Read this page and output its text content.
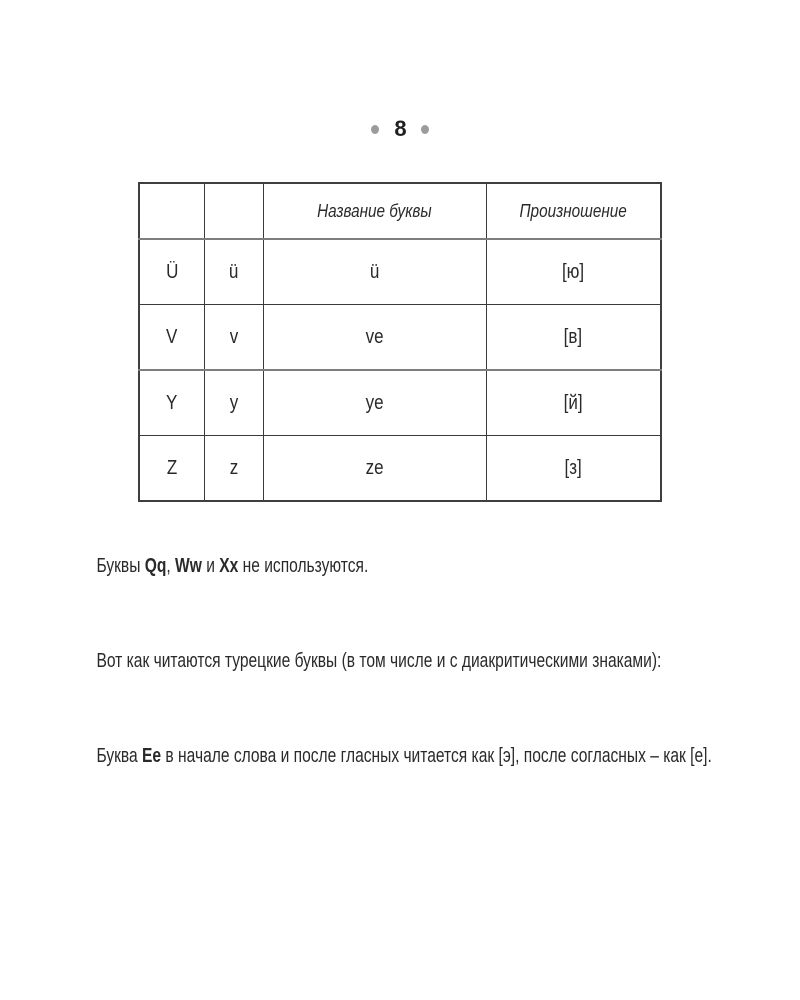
8
		Название буквы	Произношение
Ü	ü	ü	[ю]
V	v	ve	[в]
Y	y	ye	[й]
Z	z	ze	[з]

Буквы Qq, Ww и Xx не используются.

Вот как читаются турецкие буквы (в том числе и с диакритическими знаками):

Буква Ee в начале слова и после гласных читается как [э], после согласных – как [е].
